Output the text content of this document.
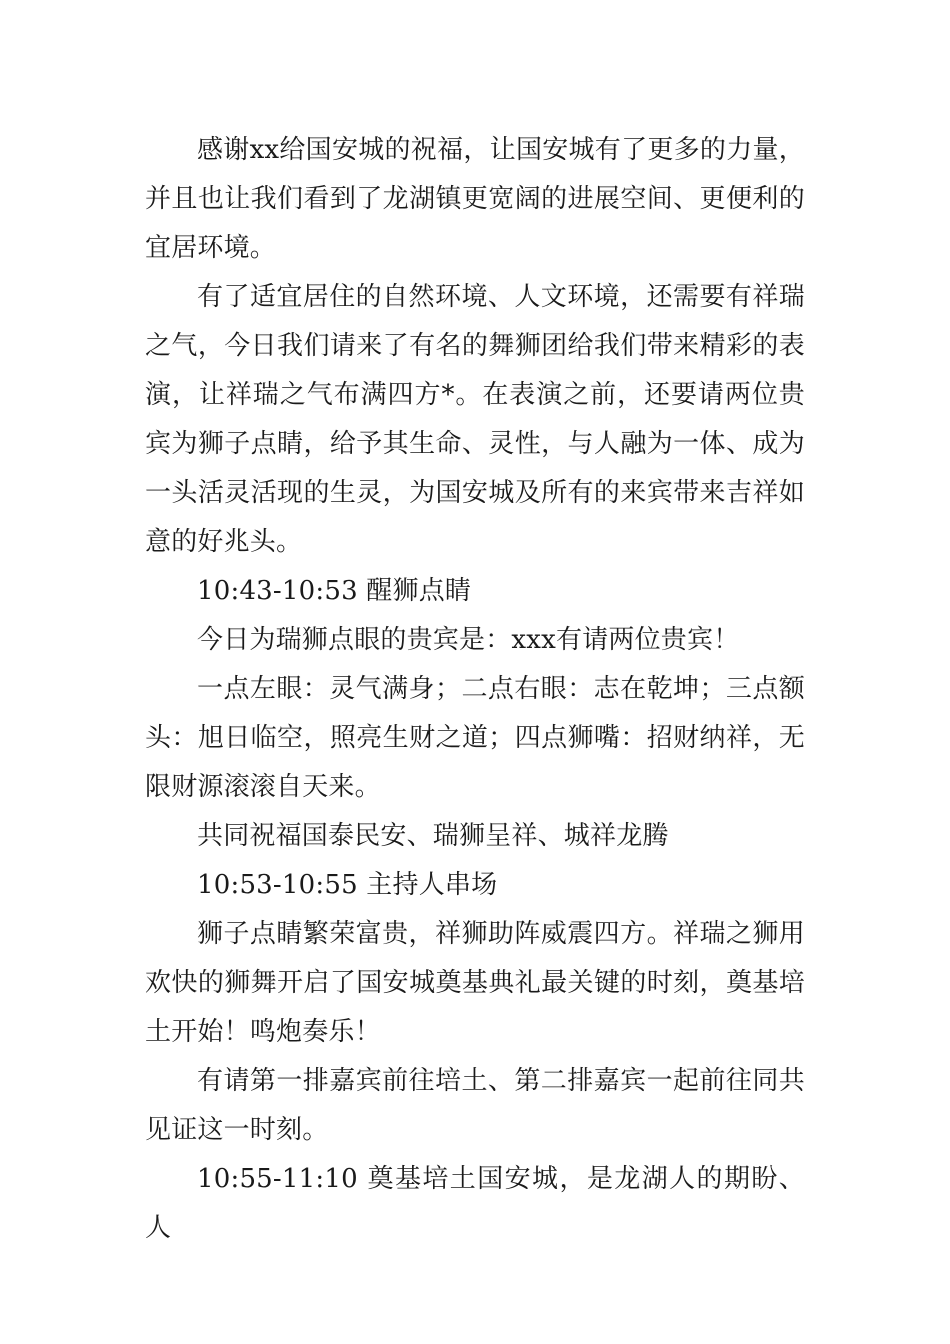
感谢xx给国安城的祝福，让国安城有了更多的力量，并且也让我们看到了龙湖镇更宽阔的进展空间、更便利的宜居环境。

有了适宜居住的自然环境、人文环境，还需要有祥瑞之气，今日我们请来了有名的舞狮团给我们带来精彩的表演，让祥瑞之气布满四方*。在表演之前，还要请两位贵宾为狮子点睛，给予其生命、灵性，与人融为一体、成为一头活灵活现的生灵，为国安城及所有的来宾带来吉祥如意的好兆头。

10:43-10:53 醒狮点睛

今日为瑞狮点眼的贵宾是：xxx有请两位贵宾！

一点左眼：灵气满身；二点右眼：志在乾坤；三点额头：旭日临空，照亮生财之道；四点狮嘴：招财纳祥，无限财源滚滚自天来。

共同祝福国泰民安、瑞狮呈祥、城祥龙腾

10:53-10:55 主持人串场

狮子点睛繁荣富贵，祥狮助阵威震四方。祥瑞之狮用欢快的狮舞开启了国安城奠基典礼最关键的时刻，奠基培土开始！鸣炮奏乐！

有请第一排嘉宾前往培土、第二排嘉宾一起前往同共见证这一时刻。

10:55-11:10 奠基培土国安城，是龙湖人的期盼、人
